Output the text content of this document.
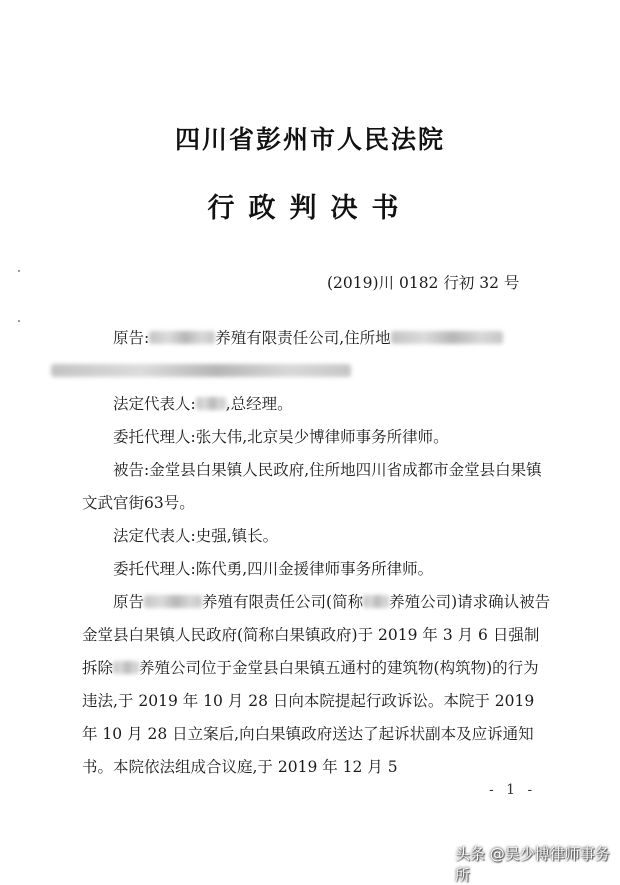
四川省彭州市人民法院
行政判决书
(2019)川 0182 行初 32 号
原告:	养殖有限责任公司,住所地

法定代表人: ,总经理。
委托代理人:张大伟,北京吴少博律师事务所律师。
被告:金堂县白果镇人民政府,住所地四川省成都市金堂县白果镇文武官街63号。
法定代表人:史强,镇长。
委托代理人:陈代勇,四川金援律师事务所律师。
原告	养殖有限责任公司(简称 养殖公司)请求确认被告金堂县白果镇人民政府(简称白果镇政府)于 2019 年 3 月 6 日强制拆除 养殖公司位于金堂县白果镇五通村的建筑物(构筑物)的行为违法,于 2019 年 10 月 28 日向本院提起行政诉讼。本院于 2019 年 10 月 28 日立案后,向白果镇政府送达了起诉状副本及应诉通知书。本院依法组成合议庭,于 2019 年 12 月 5
- 1 -
头条 @吴少博律师事务所
